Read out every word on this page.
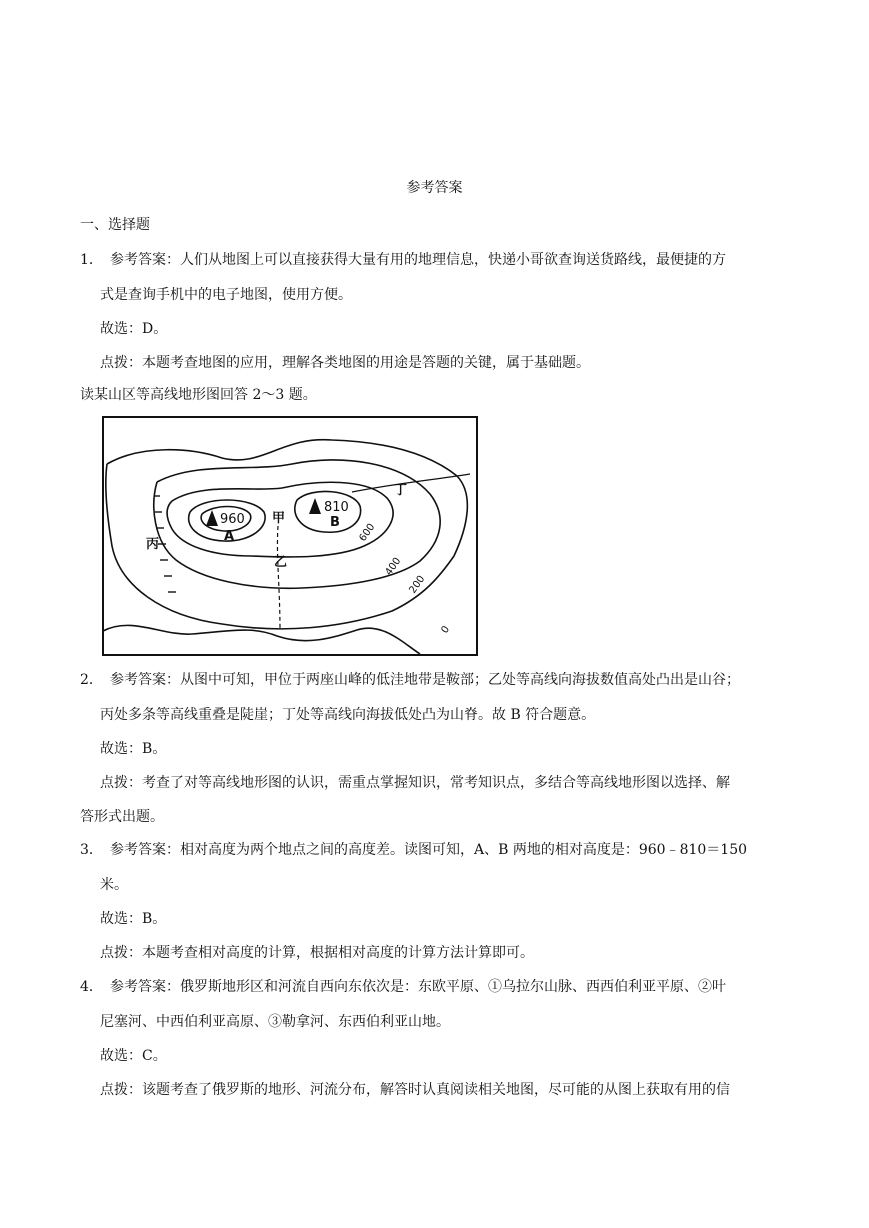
参考答案
一、选择题
1． 参考答案：人们从地图上可以直接获得大量有用的地理信息，快递小哥欲查询送货路线，最便捷的方
式是查询手机中的电子地图，使用方便。
故选：D。
点拨：本题考查地图的应用，理解各类地图的用途是答题的关键，属于基础题。
读某山区等高线地形图回答 2～3 题。
960
A
810
B
甲
乙
丙
丁
600
400
200
0
2． 参考答案：从图中可知，甲位于两座山峰的低洼地带是鞍部；乙处等高线向海拔数值高处凸出是山谷；
丙处多条等高线重叠是陡崖；丁处等高线向海拔低处凸为山脊。故 B 符合题意。
故选：B。
点拨：考查了对等高线地形图的认识，需重点掌握知识，常考知识点，多结合等高线地形图以选择、解
答形式出题。
3． 参考答案：相对高度为两个地点之间的高度差。读图可知，A、B 两地的相对高度是：960﹣810＝150
米。
故选：B。
点拨：本题考查相对高度的计算，根据相对高度的计算方法计算即可。
4． 参考答案：俄罗斯地形区和河流自西向东依次是：东欧平原、①乌拉尔山脉、西西伯利亚平原、②叶
尼塞河、中西伯利亚高原、③勒拿河、东西伯利亚山地。
故选：C。
点拨：该题考查了俄罗斯的地形、河流分布，解答时认真阅读相关地图，尽可能的从图上获取有用的信
